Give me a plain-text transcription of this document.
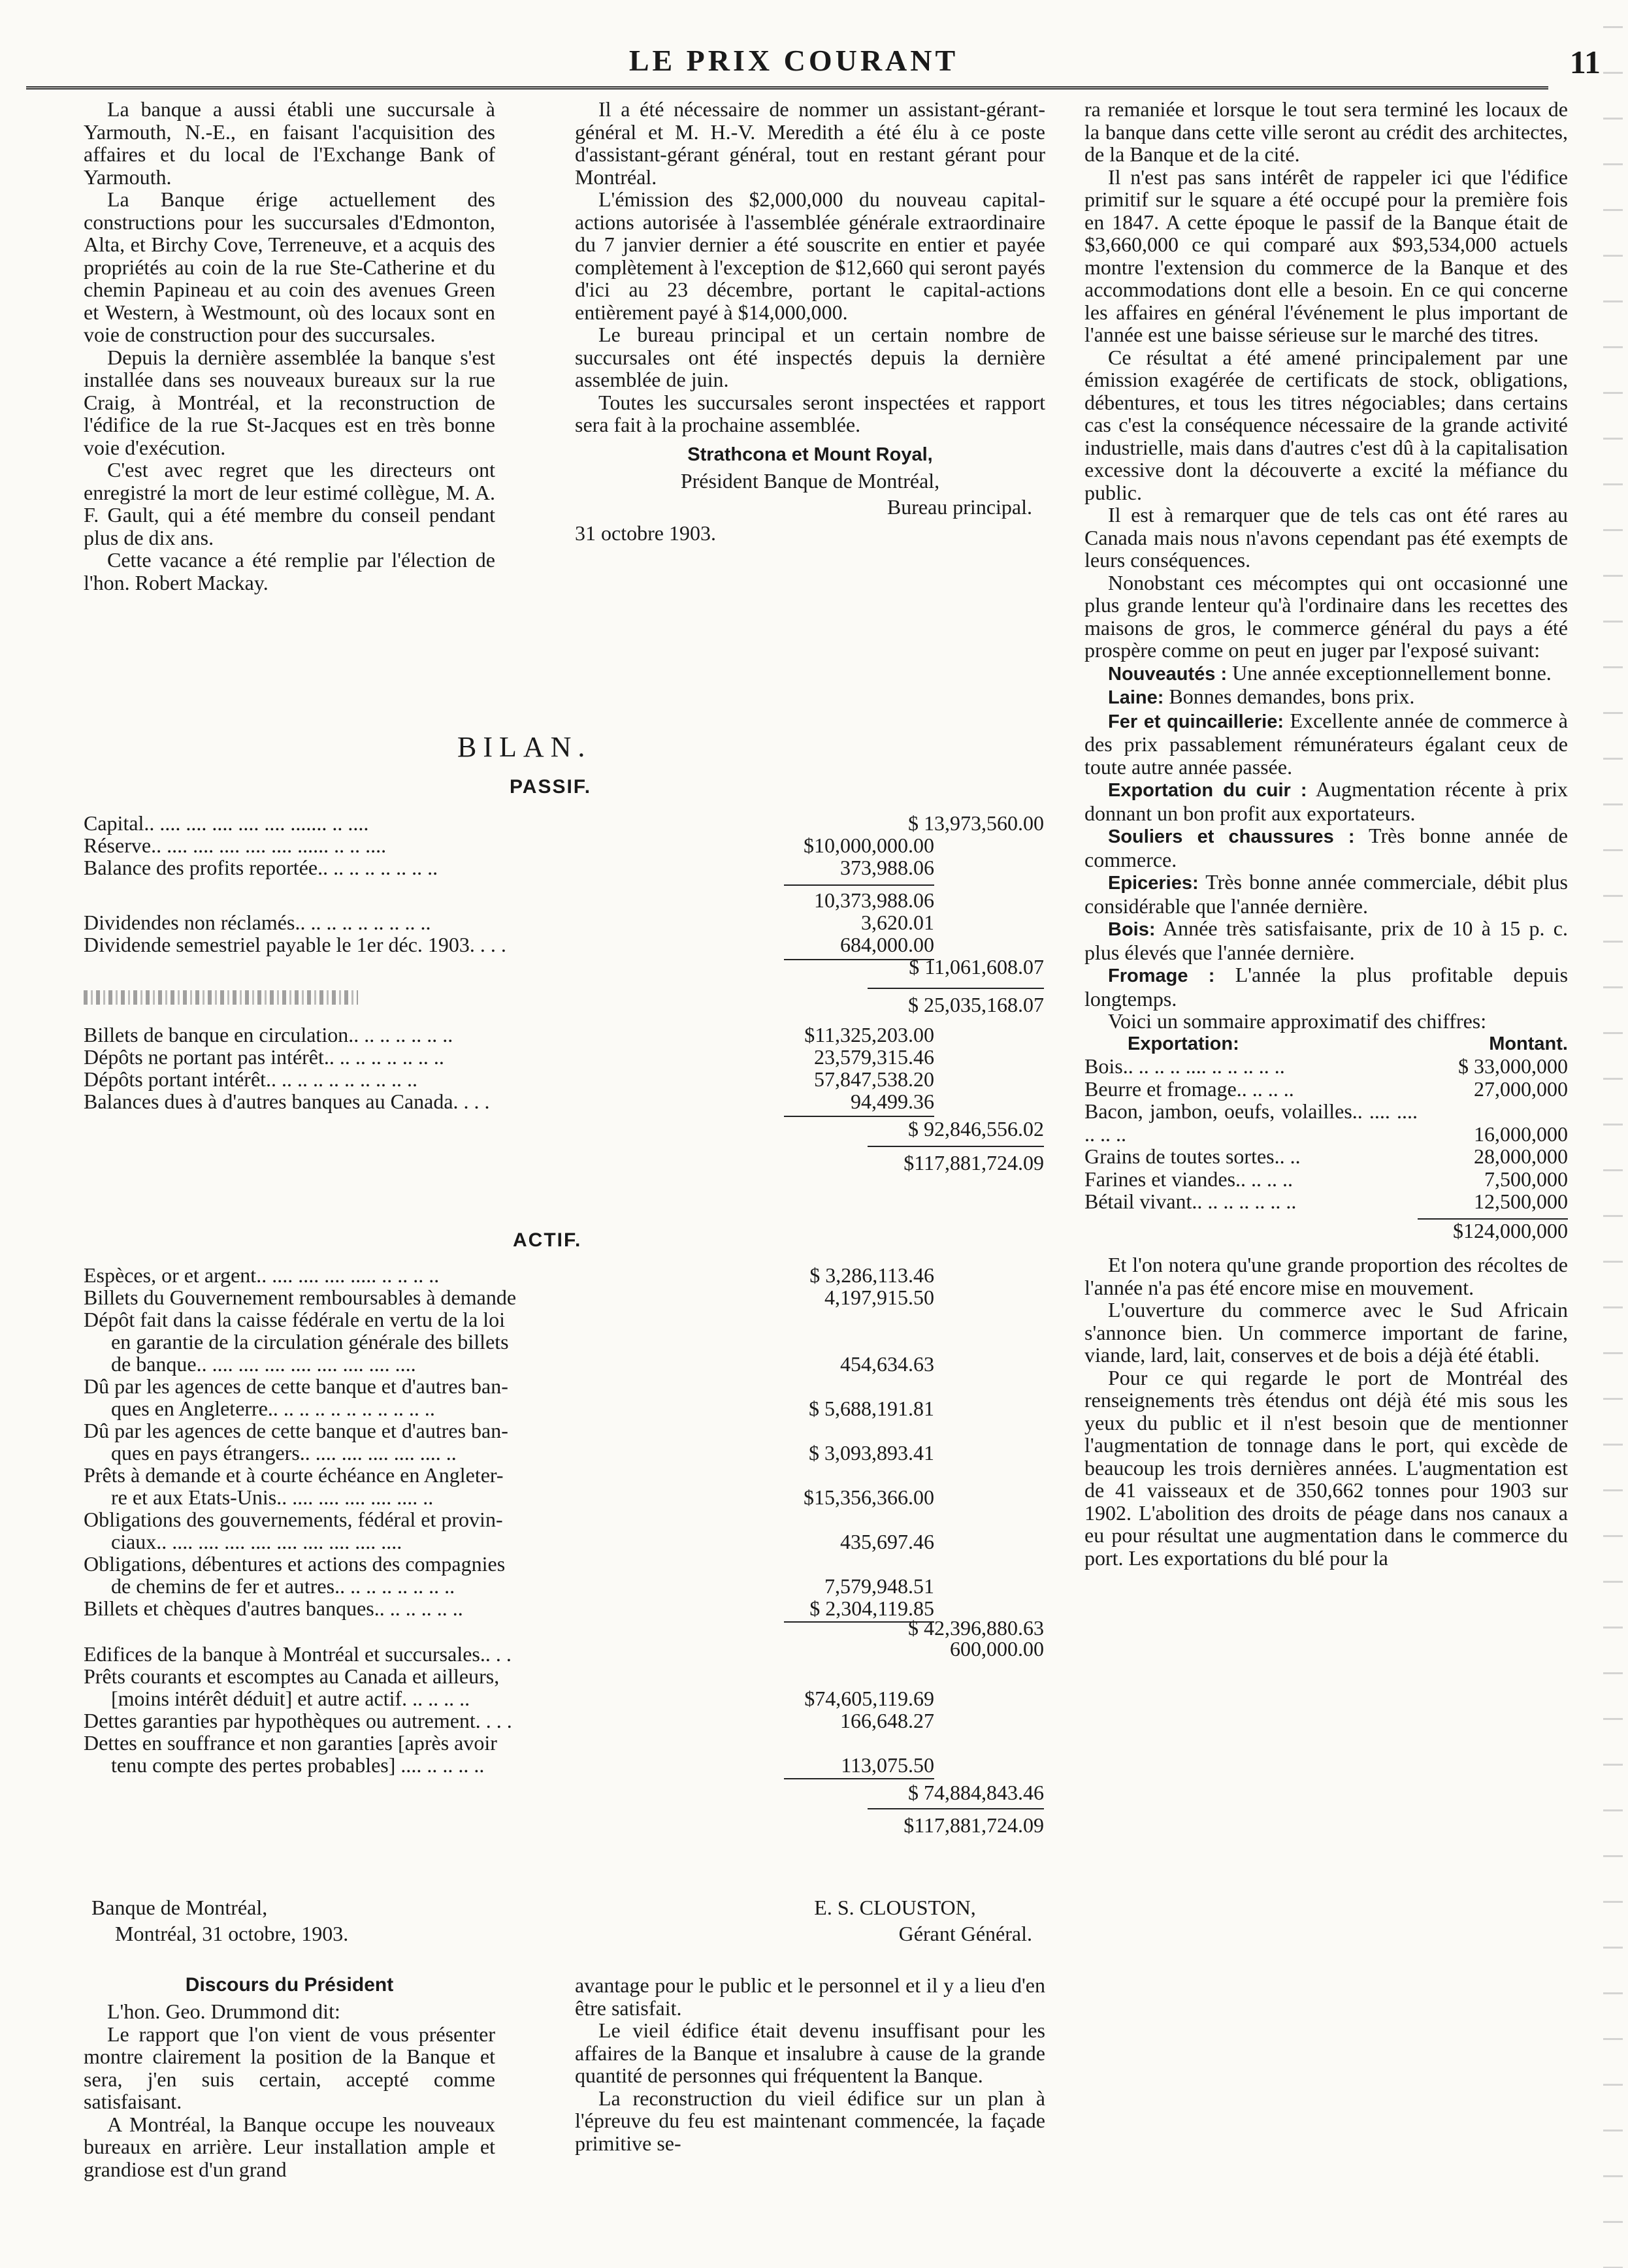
LE PRIX COURANT	11

La banque a aussi établi une succursale à Yarmouth, N.-E., en faisant l'acquisition des affaires et du local de l'Exchange Bank of Yarmouth.

La Banque érige actuellement des constructions pour les succursales d'Edmonton, Alta, et Birchy Cove, Terreneuve, et a acquis des propriétés au coin de la rue Ste-Catherine et du chemin Papineau et au coin des avenues Green et Western, à Westmount, où des locaux sont en voie de construction pour des succursales.

Depuis la dernière assemblée la banque s'est installée dans ses nouveaux bureaux sur la rue Craig, à Montréal, et la reconstruction de l'édifice de la rue St-Jacques est en très bonne voie d'exécution.

C'est avec regret que les directeurs ont enregistré la mort de leur estimé collègue, M. A. F. Gault, qui a été membre du conseil pendant plus de dix ans.

Cette vacance a été remplie par l'élection de l'hon. Robert Mackay.

Il a été nécessaire de nommer un assistant-gérant-général et M. H.-V. Meredith a été élu à ce poste d'assistant-gérant général, tout en restant gérant pour Montréal.

L'émission des $2,000,000 du nouveau capital-actions autorisée à l'assemblée générale extraordinaire du 7 janvier dernier a été souscrite en entier et payée complètement à l'exception de $12,660 qui seront payés d'ici au 23 décembre, portant le capital-actions entièrement payé à $14,000,000.

Le bureau principal et un certain nombre de succursales ont été inspectés depuis la dernière assemblée de juin.

Toutes les succursales seront inspectées et rapport sera fait à la prochaine assemblée.

Strathcona et Mount Royal,
Président Banque de Montréal,
Bureau principal.
31 octobre 1903.
BILAN.
PASSIF.
Capital.. .... .... .... .... .... ....... .. ....	$ 13,973,560.00
Réserve.. .... .... .... .... .... ...... .. .. ....	$10,000,000.00
Balance des profits reportée.. .. .. .. .. .. .. ..	373,988.06
10,373,988.06
Dividendes non réclamés.. .. .. .. .. .. .. .. ..	3,620.01
Dividende semestriel payable le 1er déc. 1903. . . .	684,000.00
$ 11,061,608.07
$ 25,035,168.07
Billets de banque en circulation.. .. .. .. .. .. ..	$11,325,203.00
Dépôts ne portant pas intérêt.. .. .. .. .. .. .. ..	23,579,315.46
Dépôts portant intérêt.. .. .. .. .. .. .. .. .. ..	57,847,538.20
Balances dues à d'autres banques au Canada. . . .	94,499.36
$ 92,846,556.02
$117,881,724.09
ACTIF.
Espèces, or et argent.. .... .... .... ..... .. .. .. ..	$ 3,286,113.46
Billets du Gouvernement remboursables à demande	4,197,915.50
Dépôt fait dans la caisse fédérale en vertu de la loi
en garantie de la circulation générale des billets
de banque.. .... .... .... .... .... .... .... ....	454,634.63
Dû par les agences de cette banque et d'autres ban-
ques en Angleterre.. .. .. .. .. .. .. .. .. .. ..	$ 5,688,191.81
Dû par les agences de cette banque et d'autres ban-
ques en pays étrangers.. .... .... .... .... .... ..	$ 3,093,893.41
Prêts à demande et à courte échéance en Angleter-
re et aux Etats-Unis.. .... .... .... .... .... ..	$15,356,366.00
Obligations des gouvernements, fédéral et provin-
ciaux.. .... .... .... .... .... .... .... .... ....	435,697.46
Obligations, débentures et actions des compagnies
de chemins de fer et autres.. .. .. .. .. .. .. ..	7,579,948.51
Billets et chèques d'autres banques.. .. .. .. .. ..	$ 2,304,119.85
$ 42,396,880.63
Edifices de la banque à Montréal et succursales.. . .	600,000.00
Prêts courants et escomptes au Canada et ailleurs,
[moins intérêt déduit] et autre actif. .. .. .. ..	$74,605,119.69
Dettes garanties par hypothèques ou autrement. . . .	166,648.27
Dettes en souffrance et non garanties [après avoir
tenu compte des pertes probables] .... .. .. .. ..	113,075.50
$ 74,884,843.46
$117,881,724.09
Banque de Montréal,
Montréal, 31 octobre, 1903.
E. S. CLOUSTON,
Gérant Général.
Discours du Président

L'hon. Geo. Drummond dit:

Le rapport que l'on vient de vous présenter montre clairement la position de la Banque et sera, j'en suis certain, accepté comme satisfaisant.

A Montréal, la Banque occupe les nouveaux bureaux en arrière. Leur installation ample et grandiose est d'un grand

avantage pour le public et le personnel et il y a lieu d'en être satisfait.

Le vieil édifice était devenu insuffisant pour les affaires de la Banque et insalubre à cause de la grande quantité de personnes qui fréquentent la Banque.

La reconstruction du vieil édifice sur un plan à l'épreuve du feu est maintenant commencée, la façade primitive se-

ra remaniée et lorsque le tout sera terminé les locaux de la banque dans cette ville seront au crédit des architectes, de la Banque et de la cité.

Il n'est pas sans intérêt de rappeler ici que l'édifice primitif sur le square a été occupé pour la première fois en 1847. A cette époque le passif de la Banque était de $3,660,000 ce qui comparé aux $93,534,000 actuels montre l'extension du commerce de la Banque et des accommodations dont elle a besoin. En ce qui concerne les affaires en général l'événement le plus important de l'année est une baisse sérieuse sur le marché des titres.

Ce résultat a été amené principalement par une émission exagérée de certificats de stock, obligations, débentures, et tous les titres négociables; dans certains cas c'est la conséquence nécessaire de la grande activité industrielle, mais dans d'autres c'est dû à la capitalisation excessive dont la découverte a excité la méfiance du public.

Il est à remarquer que de tels cas ont été rares au Canada mais nous n'avons cependant pas été exempts de leurs conséquences.

Nonobstant ces mécomptes qui ont occasionné une plus grande lenteur qu'à l'ordinaire dans les recettes des maisons de gros, le commerce général du pays a été prospère comme on peut en juger par l'exposé suivant:

Nouveautés : Une année exceptionnellement bonne.

Laine: Bonnes demandes, bons prix.

Fer et quincaillerie: Excellente année de commerce à des prix passablement rémunérateurs égalant ceux de toute autre année passée.

Exportation du cuir : Augmentation récente à prix donnant un bon profit aux exportateurs.

Souliers et chaussures : Très bonne année de commerce.

Epiceries: Très bonne année commerciale, débit plus considérable que l'année dernière.

Bois: Année très satisfaisante, prix de 10 à 15 p. c. plus élevés que l'année dernière.

Fromage : L'année la plus profitable depuis longtemps.

Voici un sommaire approximatif des chiffres:

Exportation:	Montant.
Bois.. .. .. .. .... .. .. .. .. ..	$ 33,000,000
Beurre et fromage.. .. .. ..	27,000,000
Bacon, jambon, oeufs, volailles.. .... .... .. .. ..	16,000,000
Grains de toutes sortes.. ..	28,000,000
Farines et viandes.. .. .. ..	7,500,000
Bétail vivant.. .. .. .. .. .. ..	12,500,000

$124,000,000

Et l'on notera qu'une grande proportion des récoltes de l'année n'a pas été encore mise en mouvement.

L'ouverture du commerce avec le Sud Africain s'annonce bien. Un commerce important de farine, viande, lard, lait, conserves et de bois a déjà été établi.

Pour ce qui regarde le port de Montréal des renseignements très étendus ont déjà été mis sous les yeux du public et il n'est besoin que de mentionner l'augmentation de tonnage dans le port, qui excède de beaucoup les trois dernières années. L'augmentation est de 41 vaisseaux et de 350,662 tonnes pour 1903 sur 1902. L'abolition des droits de péage dans nos canaux a eu pour résultat une augmentation dans le commerce du port. Les exportations du blé pour la
